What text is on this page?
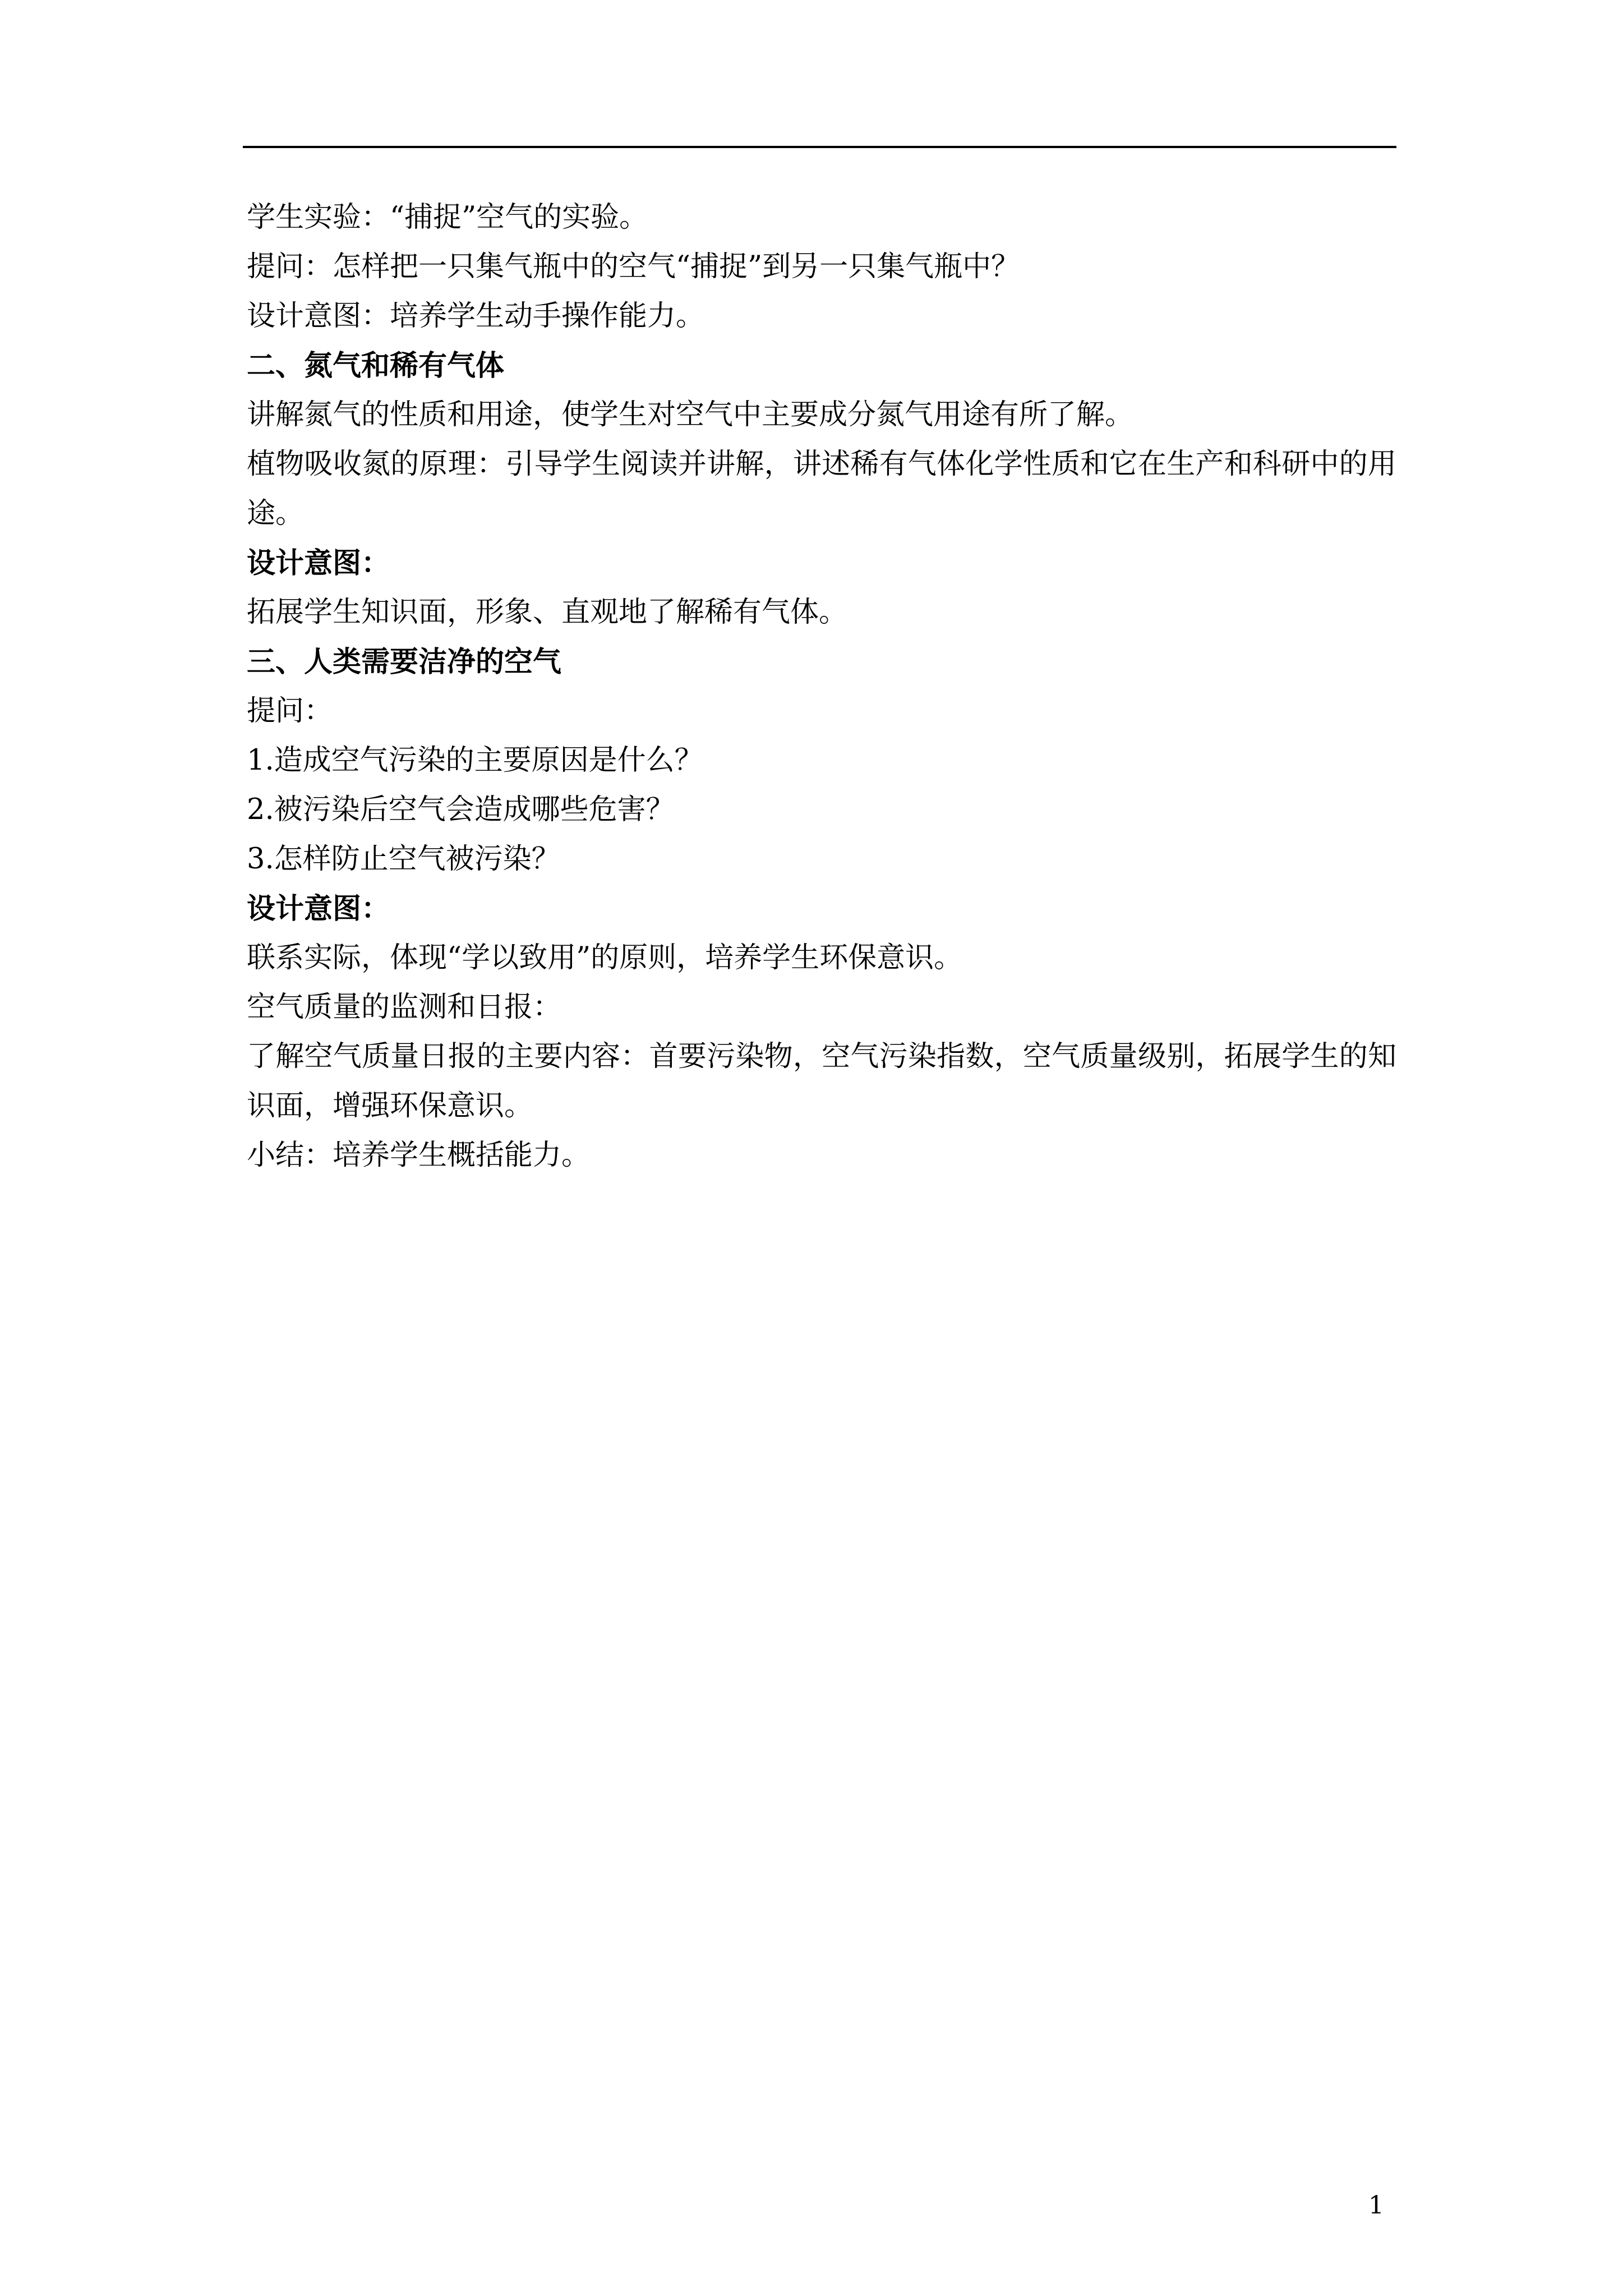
学生实验：“捕捉”空气的实验。
提问：怎样把一只集气瓶中的空气“捕捉”到另一只集气瓶中？
设计意图：培养学生动手操作能力。
二、氮气和稀有气体
讲解氮气的性质和用途，使学生对空气中主要成分氮气用途有所了解。
植物吸收氮的原理：引导学生阅读并讲解，讲述稀有气体化学性质和它在生产和科研中的用
途。
设计意图：
拓展学生知识面，形象、直观地了解稀有气体。
三、人类需要洁净的空气
提问：
1.造成空气污染的主要原因是什么？
2.被污染后空气会造成哪些危害？
3.怎样防止空气被污染？
设计意图：
联系实际，体现“学以致用”的原则，培养学生环保意识。
空气质量的监测和日报：
了解空气质量日报的主要内容：首要污染物，空气污染指数，空气质量级别，拓展学生的知
识面，增强环保意识。
小结：培养学生概括能力。
1
